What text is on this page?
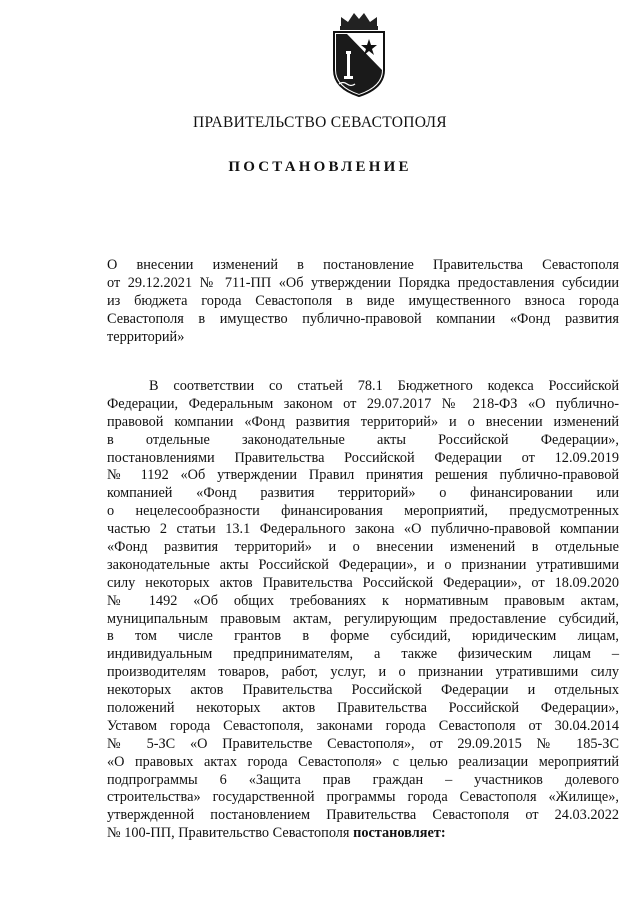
ПРАВИТЕЛЬСТВО СЕВАСТОПОЛЯ
ПОСТАНОВЛЕНИЕ
О внесении изменений в постановление Правительства Севастополя
от 29.12.2021 № 711-ПП «Об утверждении Порядка предоставления субсидии
из бюджета города Севастополя в виде имущественного взноса города
Севастополя в имущество публично-правовой компании «Фонд развития
территорий»
В соответствии со статьей 78.1 Бюджетного кодекса Российской
Федерации, Федеральным законом от 29.07.2017 № 218-ФЗ «О публично-
правовой компании «Фонд развития территорий» и о внесении изменений
в отдельные законодательные акты Российской Федерации»,
постановлениями Правительства Российской Федерации от 12.09.2019
№ 1192 «Об утверждении Правил принятия решения публично-правовой
компанией «Фонд развития территорий» о финансировании или
о нецелесообразности финансирования мероприятий, предусмотренных
частью 2 статьи 13.1 Федерального закона «О публично-правовой компании
«Фонд развития территорий» и о внесении изменений в отдельные
законодательные акты Российской Федерации», и о признании утратившими
силу некоторых актов Правительства Российской Федерации», от 18.09.2020
№ 1492 «Об общих требованиях к нормативным правовым актам,
муниципальным правовым актам, регулирующим предоставление субсидий,
в том числе грантов в форме субсидий, юридическим лицам,
индивидуальным предпринимателям, а также физическим лицам –
производителям товаров, работ, услуг, и о признании утратившими силу
некоторых актов Правительства Российской Федерации и отдельных
положений некоторых актов Правительства Российской Федерации»,
Уставом города Севастополя, законами города Севастополя от 30.04.2014
№ 5-ЗС «О Правительстве Севастополя», от 29.09.2015 № 185-ЗС
«О правовых актах города Севастополя» с целью реализации мероприятий
подпрограммы 6 «Защита прав граждан – участников долевого
строительства» государственной программы города Севастополя «Жилище»,
утвержденной постановлением Правительства Севастополя от 24.03.2022
№ 100-ПП, Правительство Севастополя постановляет:
